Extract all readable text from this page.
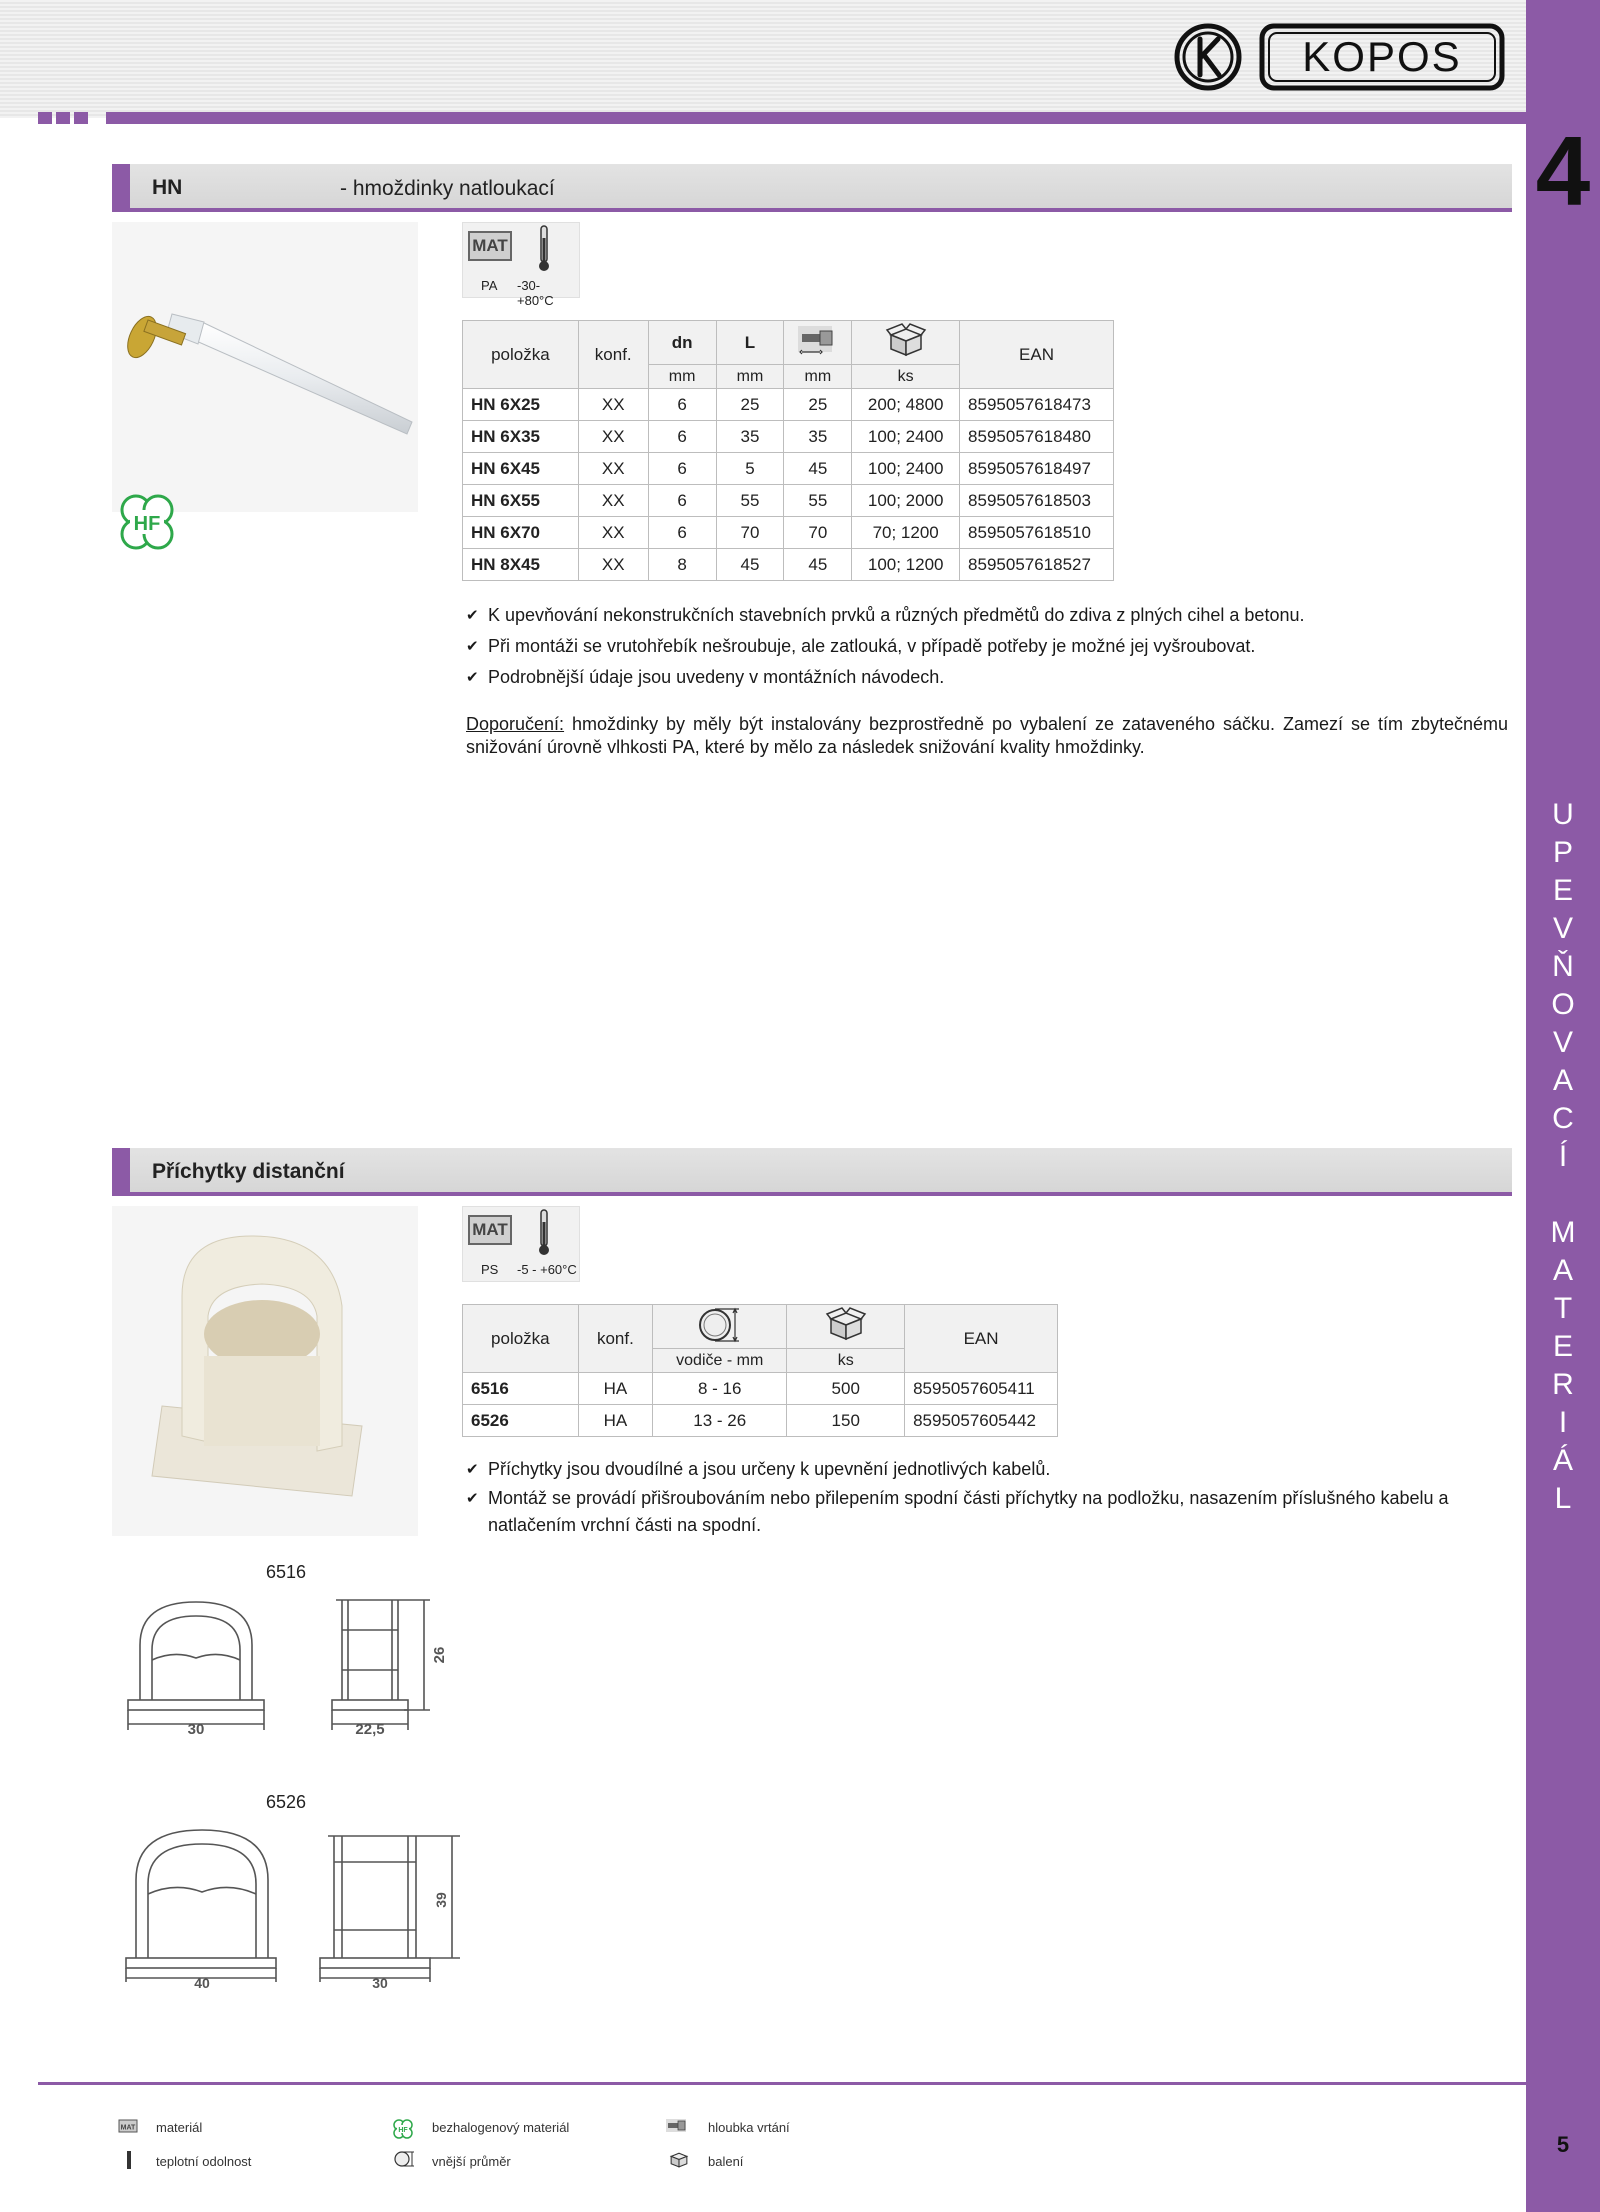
4
U
P
E
V
Ň
O
V
A
C
Í
M
A
T
E
R
I
Á
L
5
KOPOS
HN	- hmoždinky natloukací
HF
MAT
PA -30- +80°C
položka	konf.	dn	L			EAN
		mm	mm	mm	ks	
HN 6X25	XX	6	25	25	200; 4800	8595057618473
HN 6X35	XX	6	35	35	100; 2400	8595057618480
HN 6X45	XX	6	5	45	100; 2400	8595057618497
HN 6X55	XX	6	55	55	100; 2000	8595057618503
HN 6X70	XX	6	70	70	70; 1200	8595057618510
HN 8X45	XX	8	45	45	100; 1200	8595057618527
✔ K upevňování nekonstrukčních stavebních prvků a různých předmětů do zdiva z plných cihel a betonu.
✔ Při montáži se vrutohřebík nešroubuje, ale zatlouká, v případě potřeby je možné jej vyšroubovat.
✔ Podrobnější údaje jsou uvedeny v montážních návodech.
Doporučení: hmoždinky by měly být instalovány bezprostředně po vybalení ze zataveného sáčku. Zamezí se tím zbytečnému snižování úrovně vlhkosti PA, které by mělo za následek snižování kvality hmoždinky.
Příchytky distanční
MAT
PS -5 - +60°C
položka	konf.			EAN
		vodiče - mm	ks	
6516	HA	8 - 16	500	8595057605411
6526	HA	13 - 26	150	8595057605442
✔ Příchytky jsou dvoudílné a jsou určeny k upevnění jednotlivých kabelů.
✔ Montáž se provádí přišroubováním nebo přilepením spodní části příchytky na podložku, nasazením příslušného kabelu a natlačením vrchní části na spodní.
6516
30	22,5
26
6526
40	30
39
MAT materiál
teplotní odolnost
HF bezhalogenový materiál
vnější průměr
hloubka vrtání
balení
